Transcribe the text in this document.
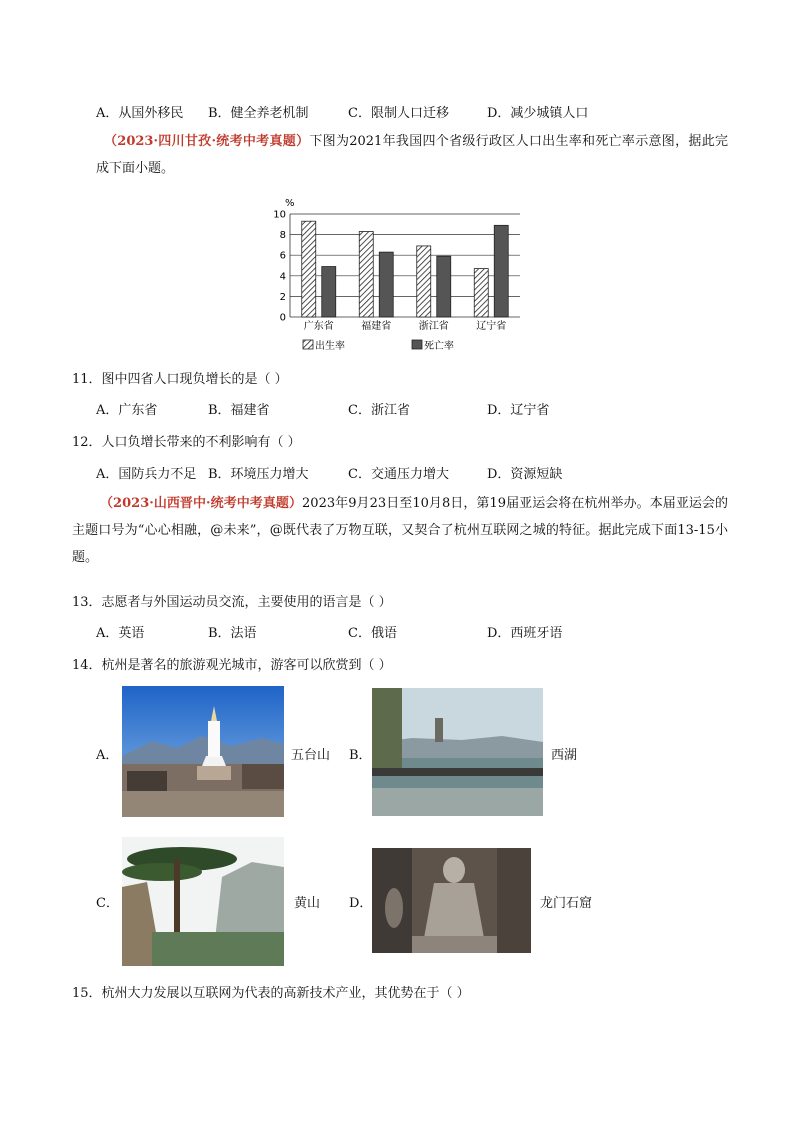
A．从国外移民 B．健全养老机制	C．限制人口迁移	D．减少城镇人口
（2023·四川甘孜·统考中考真题）下图为2021年我国四个省级行政区人口出生率和死亡率示意图，据此完成下面小题。
%
0
2
4
6
8
10
广东省	福建省	浙江省	辽宁省
出生率	死亡率
11．图中四省人口现负增长的是（ ）
A．广东省	B．福建省	C．浙江省	D．辽宁省
12．人口负增长带来的不利影响有（ ）
A．国防兵力不足 B．环境压力增大	C．交通压力增大	D．资源短缺
（2023·山西晋中·统考中考真题）2023年9月23日至10月8日，第19届亚运会将在杭州举办。本届亚运会的主题口号为“心心相融，@未来”，@既代表了万物互联，又契合了杭州互联网之城的特征。据此完成下面13-15小题。
13．志愿者与外国运动员交流，主要使用的语言是（ ）
A．英语	B．法语	C．俄语	D．西班牙语
14．杭州是著名的旅游观光城市，游客可以欣赏到（ ）
A．	五台山 B．	西湖
C．	黄山 D．	龙门石窟
15．杭州大力发展以互联网为代表的高新技术产业，其优势在于（ ）
